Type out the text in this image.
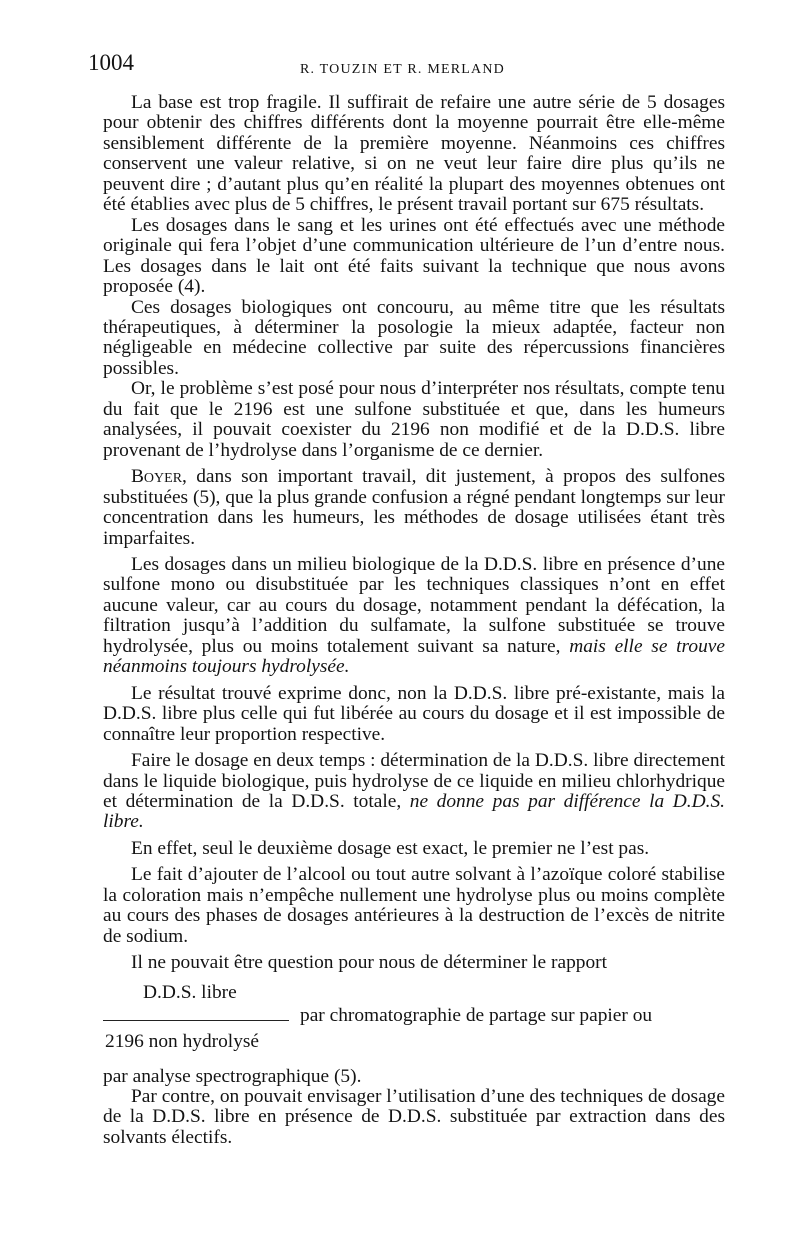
1004	R. TOUZIN ET R. MERLAND

La base est trop fragile. Il suffirait de refaire une autre série de 5 dosages pour obtenir des chiffres différents dont la moyenne pourrait être elle-même sensiblement différente de la première moyenne. Néanmoins ces chiffres conservent une valeur relative, si on ne veut leur faire dire plus qu’ils ne peuvent dire ; d’autant plus qu’en réalité la plupart des moyennes obtenues ont été établies avec plus de 5 chiffres, le présent travail portant sur 675 résultats.

Les dosages dans le sang et les urines ont été effectués avec une méthode originale qui fera l’objet d’une communication ultérieure de l’un d’entre nous. Les dosages dans le lait ont été faits suivant la technique que nous avons proposée (4).

Ces dosages biologiques ont concouru, au même titre que les résultats thérapeutiques, à déterminer la posologie la mieux adaptée, facteur non négligeable en médecine collective par suite des répercussions financières possibles.

Or, le problème s’est posé pour nous d’interpréter nos résultats, compte tenu du fait que le 2196 est une sulfone substituée et que, dans les humeurs analysées, il pouvait coexister du 2196 non modifié et de la D.D.S. libre provenant de l’hydrolyse dans l’organisme de ce dernier.

Boyer, dans son important travail, dit justement, à propos des sulfones substituées (5), que la plus grande confusion a régné pendant longtemps sur leur concentration dans les humeurs, les méthodes de dosage utilisées étant très imparfaites.

Les dosages dans un milieu biologique de la D.D.S. libre en présence d’une sulfone mono ou disubstituée par les techniques classiques n’ont en effet aucune valeur, car au cours du dosage, notamment pendant la défécation, la filtration jusqu’à l’addition du sulfamate, la sulfone substituée se trouve hydrolysée, plus ou moins totalement suivant sa nature, mais elle se trouve néanmoins toujours hydrolysée.

Le résultat trouvé exprime donc, non la D.D.S. libre pré-existante, mais la D.D.S. libre plus celle qui fut libérée au cours du dosage et il est impossible de connaître leur proportion respective.

Faire le dosage en deux temps : détermination de la D.D.S. libre directement dans le liquide biologique, puis hydrolyse de ce liquide en milieu chlorhydrique et détermination de la D.D.S. totale, ne donne pas par différence la D.D.S. libre.

En effet, seul le deuxième dosage est exact, le premier ne l’est pas.

Le fait d’ajouter de l’alcool ou tout autre solvant à l’azoïque coloré stabilise la coloration mais n’empêche nullement une hydrolyse plus ou moins complète au cours des phases de dosages antérieures à la destruction de l’excès de nitrite de sodium.

Il ne pouvait être question pour nous de déterminer le rapport

D.D.S. libre
par chromatographie de partage sur papier ou
2196 non hydrolysé

par analyse spectrographique (5).

Par contre, on pouvait envisager l’utilisation d’une des techniques de dosage de la D.D.S. libre en présence de D.D.S. substituée par extraction dans des solvants électifs.
